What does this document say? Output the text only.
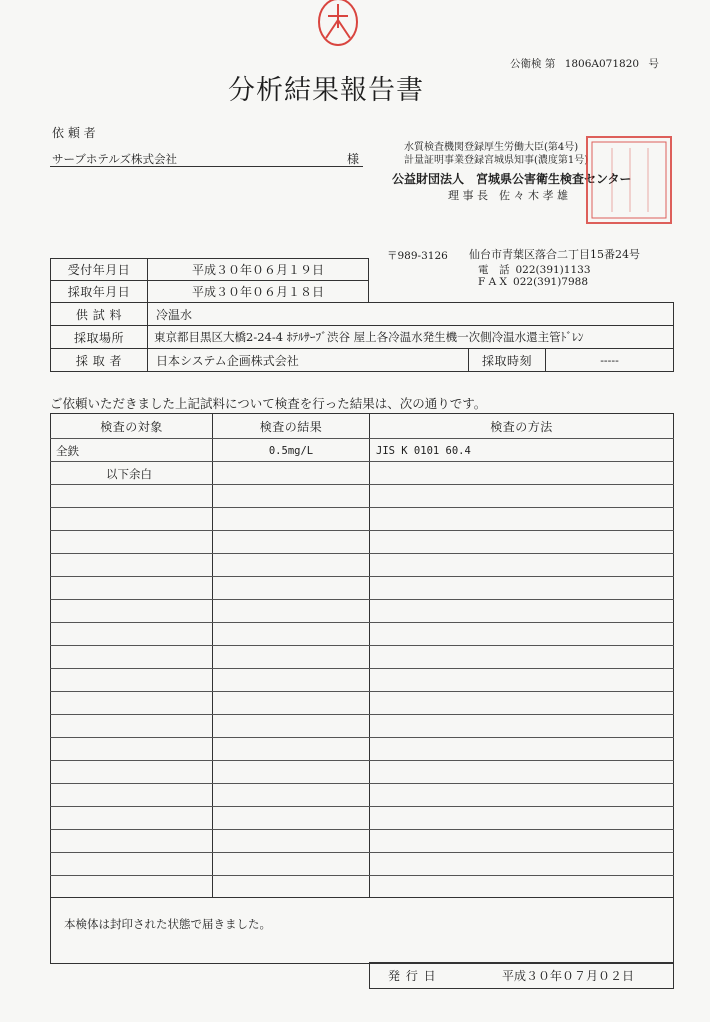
公衛検 第 1806A071820 号
分析結果報告書
依 頼 者
サーブホテルズ株式会社	様
水質検査機関登録厚生労働大臣(第4号)
計量証明事業登録宮城県知事(濃度第1号)
公益財団法人　宮城県公害衛生検査センター
理 事 長　佐 々 木 孝 雄
〒989-3126 仙台市青葉区落合二丁目15番24号
電　話 022(391)1133
F A X 022(391)7988
受付年月日	平成３０年０６月１９日
採取年月日	平成３０年０６月１８日
供 試 料	冷温水
採取場所	東京都目黒区大橋2-24-4 ﾎﾃﾙｻｰﾌﾞ渋谷 屋上各冷温水発生機一次側冷温水還主管ﾄﾞﾚﾝ
採 取 者	日本システム企画株式会社	採取時刻	-----
ご依頼いただきました上記試料について検査を行った結果は、次の通りです。
検査の対象	検査の結果	検査の方法
全鉄	0.5mg/L	JIS K 0101 60.4
以下余白
本検体は封印された状態で届きました。
発 行 日	平成３０年０７月０２日
